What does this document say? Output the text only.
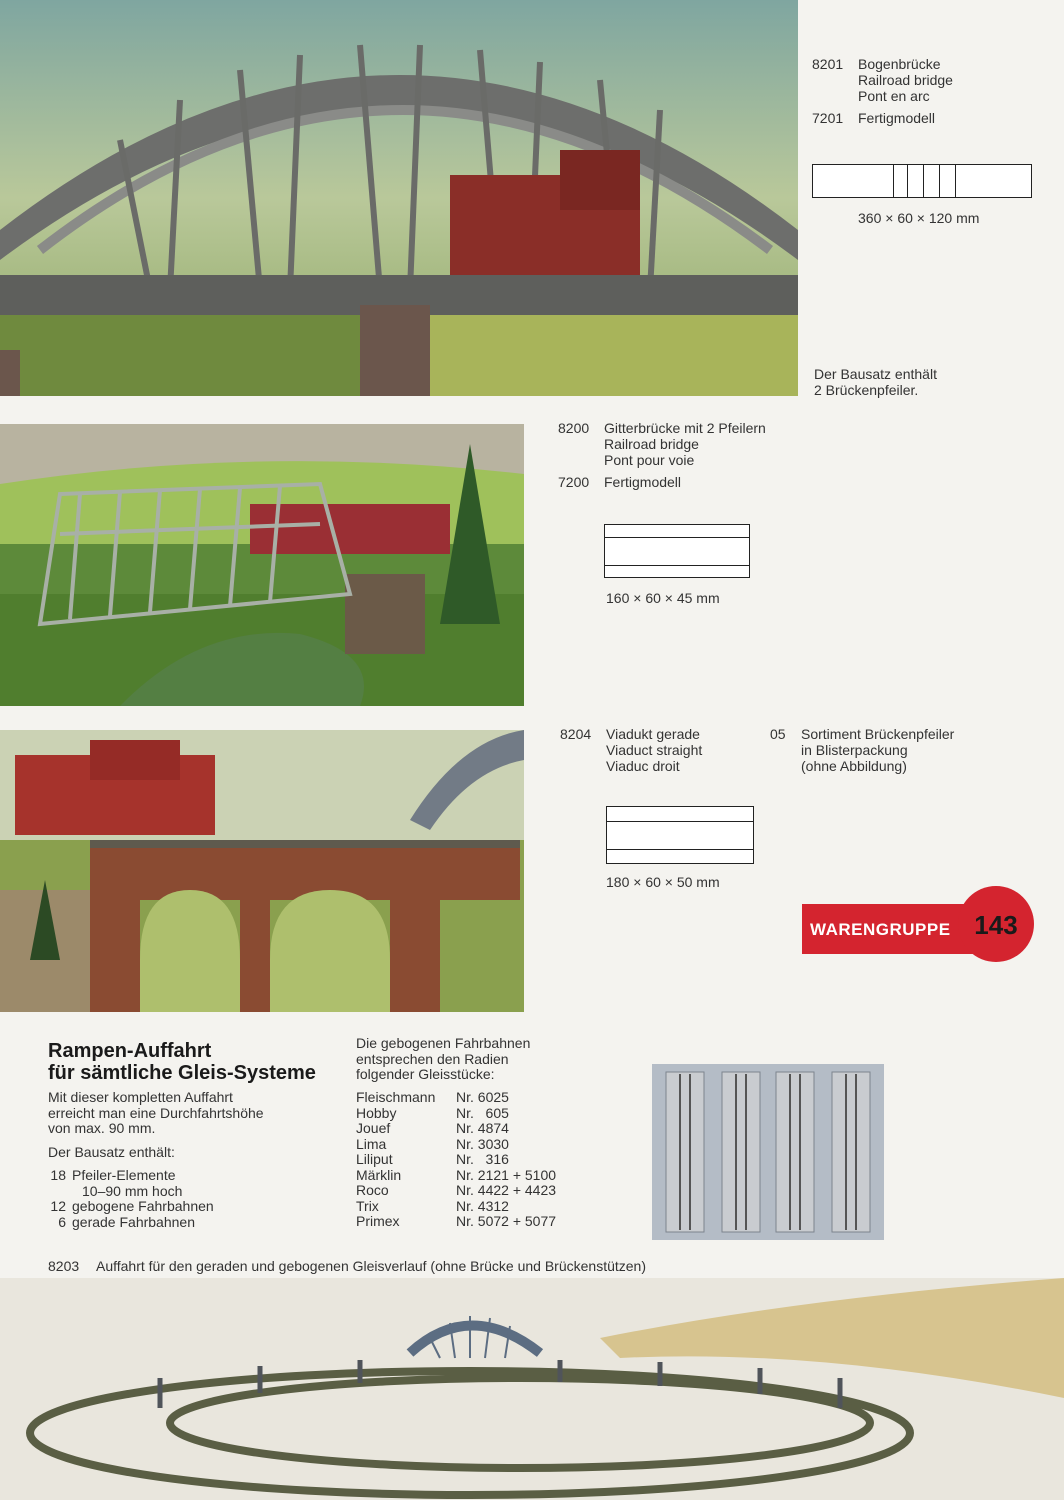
8201	Bogenbrücke
Railroad bridge
Pont en arc
7201	Fertigmodell
360 × 60 × 120 mm
Der Bausatz enthält
2 Brückenpfeiler.
8200	Gitterbrücke mit 2 Pfeilern
Railroad bridge
Pont pour voie
7200	Fertigmodell
160 × 60 × 45 mm
8204	Viadukt gerade
Viaduct straight
Viaduc droit
05	Sortiment Brückenpfeiler
in Blisterpackung
(ohne Abbildung)
180 × 60 × 50 mm
WARENGRUPPE 143
Rampen-Auffahrt
für sämtliche Gleis-Systeme
Mit dieser kompletten Auffahrt
erreicht man eine Durchfahrtshöhe
von max. 90 mm.
Der Bausatz enthält:
18 Pfeiler-Elemente
10–90 mm hoch
12 gebogene Fahrbahnen
6 gerade Fahrbahnen
Die gebogenen Fahrbahnen
entsprechen den Radien
folgender Gleisstücke:
Fleischmann	Nr. 6025
Hobby	Nr.   605
Jouef	Nr. 4874
Lima	Nr. 3030
Liliput	Nr.   316
Märklin	Nr. 2121 + 5100
Roco	Nr. 4422 + 4423
Trix	Nr. 4312
Primex	Nr. 5072 + 5077
8203	Auffahrt für den geraden und gebogenen Gleisverlauf (ohne Brücke und Brückenstützen)
